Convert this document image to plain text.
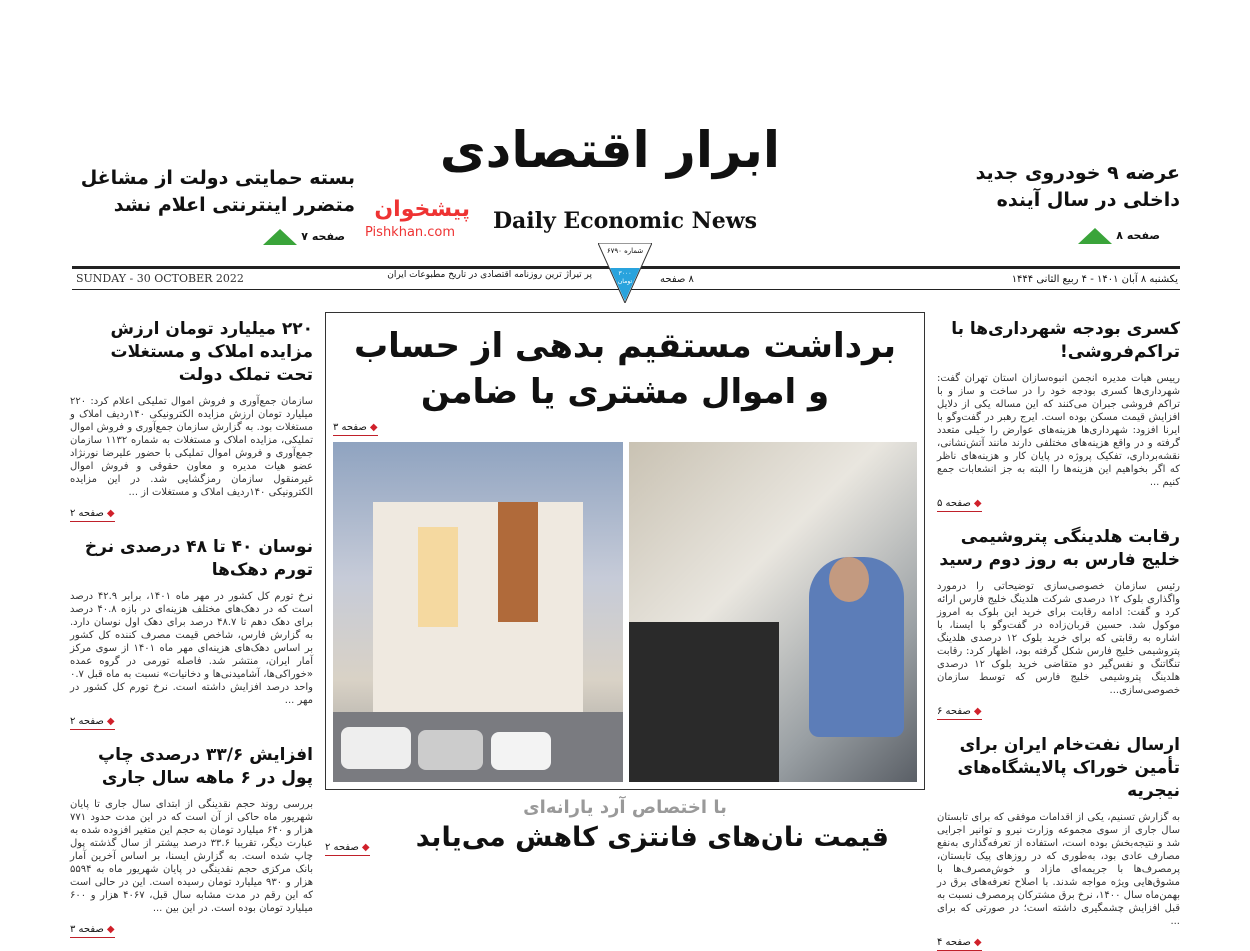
ابرار اقتصادی
Daily Economic News
پیشخوان
Pishkhan.com
عرضه ۹ خودروی جدید داخلی در سال آینده
صفحه ۸
بسته حمایتی دولت از مشاغل متضرر اینترنتی اعلام نشد
صفحه ۷
SUNDAY - 30 OCTOBER 2022	یکشنبه ۸ آبان ۱۴۰۱ - ۴ ربیع الثانی ۱۴۴۴
پر تیراژ ترین روزنامه اقتصادی در تاریخ مطبوعات ایران	۸ صفحه
شماره ۶۷۹۰
۳۰۰۰ تومان
برداشت مستقیم بدهی از حساب
و اموال مشتری یا ضامن
◆صفحه ۳
با اختصاص آرد یارانه‌ای
◆صفحه ۲	قیمت نان‌های فانتزی کاهش می‌یابد
کسری بودجه شهرداری‌ها با تراکم‌فروشی!
رییس هیات مدیره انجمن انبوه‌سازان استان تهران گفت: شهرداری‌ها کسری بودجه خود را در ساخت و ساز و با تراکم فروشی جبران می‌کنند که این مساله یکی از دلایل افزایش قیمت مسکن بوده است. ایرج رهبر در گفت‌وگو با ایرنا افزود: شهرداری‌ها هزینه‌های عوارض را خیلی متعدد گرفته و در واقع هزینه‌های مختلفی دارند مانند آتش‌نشانی، نقشه‌برداری، تفکیک پروژه در پایان کار و هزینه‌های ناظر که اگر بخواهیم این هزینه‌ها را البته به جز انشعابات جمع کنیم ...
◆صفحه ۵
رقابت هلدینگی پتروشیمی خلیج فارس به روز دوم رسید
رئیس سازمان خصوصی‌سازی توضیحاتی را درمورد واگذاری بلوک ۱۲ درصدی شرکت هلدینگ خلیج فارس ارائه کرد و گفت: ادامه رقابت برای خرید این بلوک به امروز موکول شد. حسین قربان‌زاده در گفت‌وگو با ایسنا، با اشاره به رقابتی که برای خرید بلوک ۱۲ درصدی هلدینگ پتروشیمی خلیج فارس شکل گرفته بود، اظهار کرد: رقابت تنگاتنگ و نفس‌گیر دو متقاضی خرید بلوک ۱۲ درصدی هلدینگ پتروشیمی خلیج فارس که توسط سازمان خصوصی‌سازی...
◆صفحه ۶
ارسال نفت‌خام ایران برای تأمین خوراک پالایشگاه‌های نیجریه
به گزارش تسنیم، یکی از اقدامات موفقی که برای تابستان سال جاری از سوی مجموعه وزارت نیرو و توانیر اجرایی شد و نتیجه‌بخش بوده است، استفاده از تعرفه‌گذاری به‌نفع مصارف عادی بود، به‌طوری که در روزهای پیک تابستان، پرمصرف‌ها با جریمه‌ای مازاد و خوش‌مصرف‌ها با مشوق‌هایی ویژه مواجه شدند. با اصلاح تعرفه‌های برق در بهمن‌ماه سال ۱۴۰۰، نرخ برق مشترکان پرمصرف نسبت به قبل افزایش چشمگیری داشته است؛ در صورتی که برای ...
◆صفحه ۴
۲۲۰ میلیارد تومان ارزش مزایده املاک و مستغلات تحت تملک دولت
سازمان جمع‌آوری و فروش اموال تملیکی اعلام کرد: ۲۲۰ میلیارد تومان ارزش مزایده الکترونیکی ۱۴۰ردیف املاک و مستغلات بود. به گزارش سازمان جمع‌آوری و فروش اموال تملیکی، مزایده املاک و مستغلات به شماره ۱۱۳۲ سازمان جمع‌آوری و فروش اموال تملیکی با حضور علیرضا نورنژاد عضو هیات مدیره و معاون حقوقی و فروش اموال غیرمنقول سازمان رمزگشایی شد. در این مزایده الکترونیکی ۱۴۰ردیف املاک و مستغلات از ...
◆صفحه ۲
نوسان ۴۰ تا ۴۸ درصدی نرخ تورم دهک‌ها
نرخ تورم کل کشور در مهر ماه ۱۴۰۱، برابر ۴۲.۹ درصد است که در دهک‌های مختلف هزینه‌ای در بازه ۴۰.۸ درصد برای دهک دهم تا ۴۸.۷ درصد برای دهک اول نوسان دارد. به گزارش فارس، شاخص قیمت مصرف کننده کل کشور بر اساس دهک‌های هزینه‌ای مهر ماه ۱۴۰۱ از سوی مرکز آمار ایران، منتشر شد. فاصله تورمی در گروه عمده «خوراکی‌ها، آشامیدنی‌ها و دخانیات» نسبت به ماه قبل ۰.۷ واحد درصد افزایش داشته است. نرخ تورم کل کشور در مهر ...
◆صفحه ۲
افزایش ۳۳/۶ درصدی چاپ پول در ۶ ماهه سال جاری
بررسی روند حجم نقدینگی از ابتدای سال جاری تا پایان شهریور ماه حاکی از آن است که در این مدت حدود ۷۷۱ هزار و ۶۴۰ میلیارد تومان به حجم این متغیر افزوده شده به عبارت دیگر، تقریبا ۳۳.۶ درصد بیشتر از سال گذشته پول چاپ شده است. به گزارش ایسنا، بر اساس آخرین آمار بانک مرکزی حجم نقدینگی در پایان شهریور ماه به ۵۵۹۴ هزار و ۹۳۰ میلیارد تومان رسیده است. این در حالی است که این رقم در مدت مشابه سال قبل، ۴۰۶۷ هزار و ۶۰۰ میلیارد تومان بوده است. در این بین ...
◆صفحه ۳
